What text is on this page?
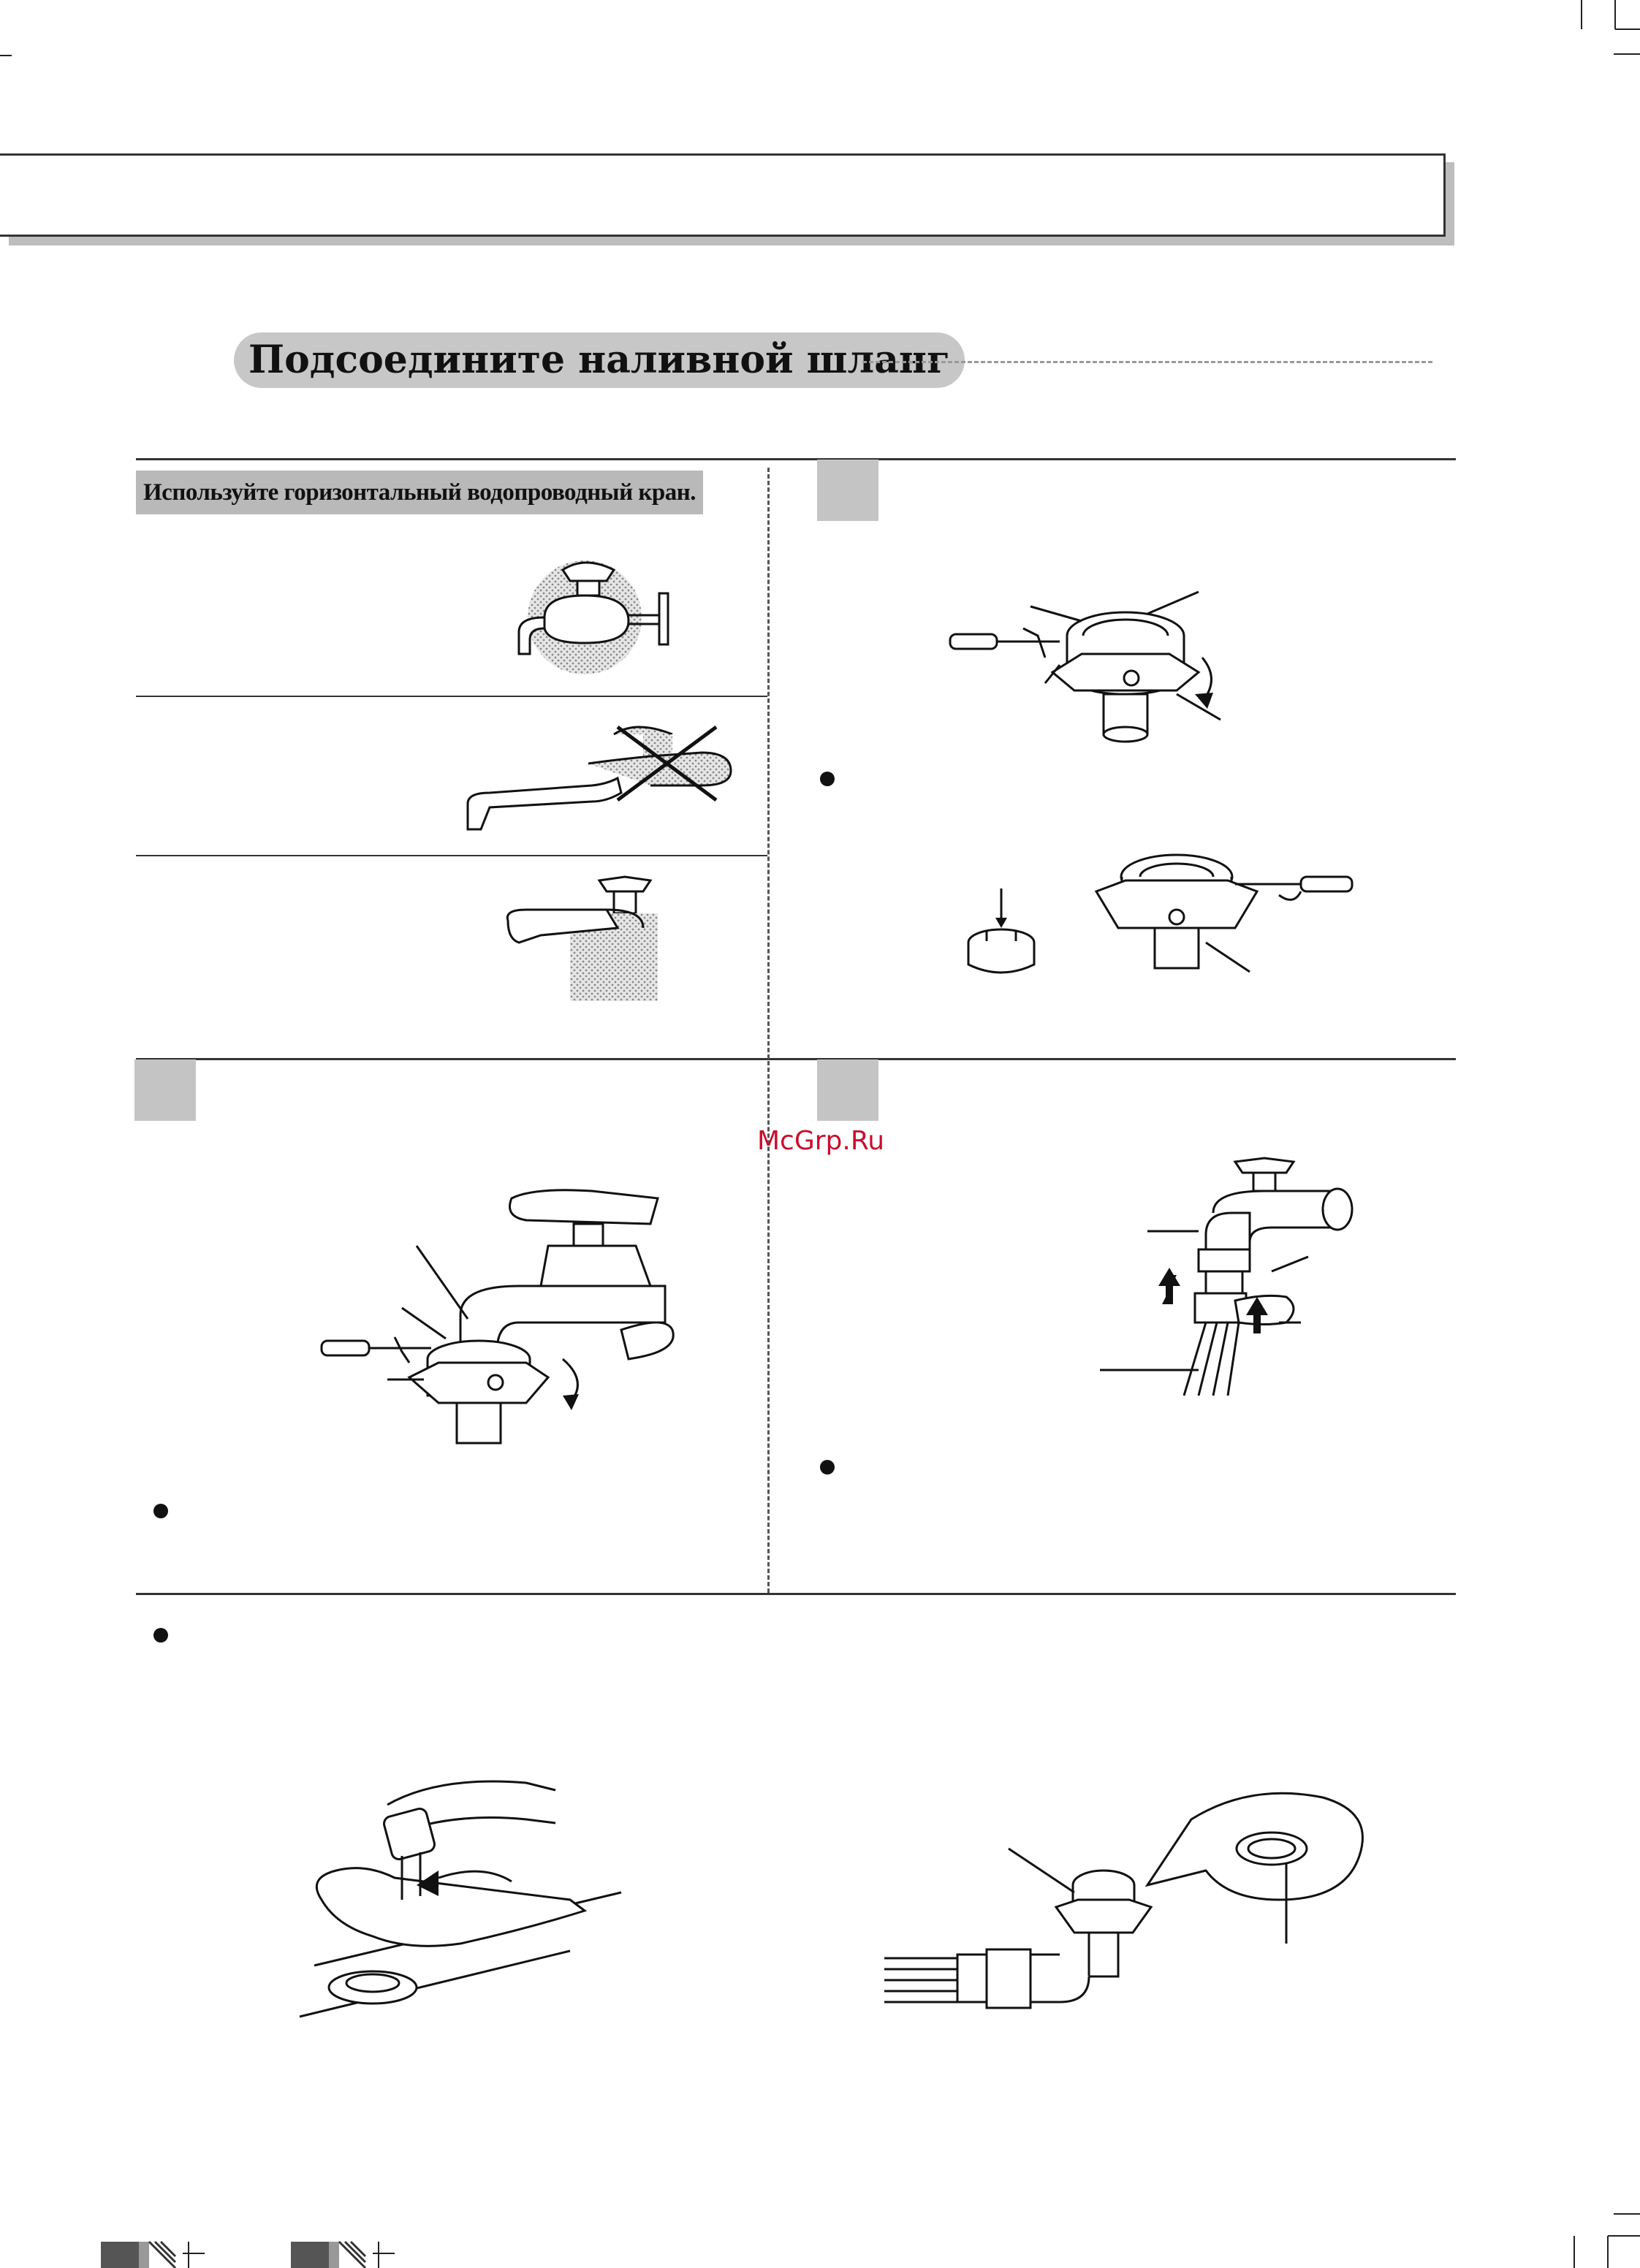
Подсоедините наливной шланг
Используйте горизонтальный водопроводный кран.
McGrp.Ru
